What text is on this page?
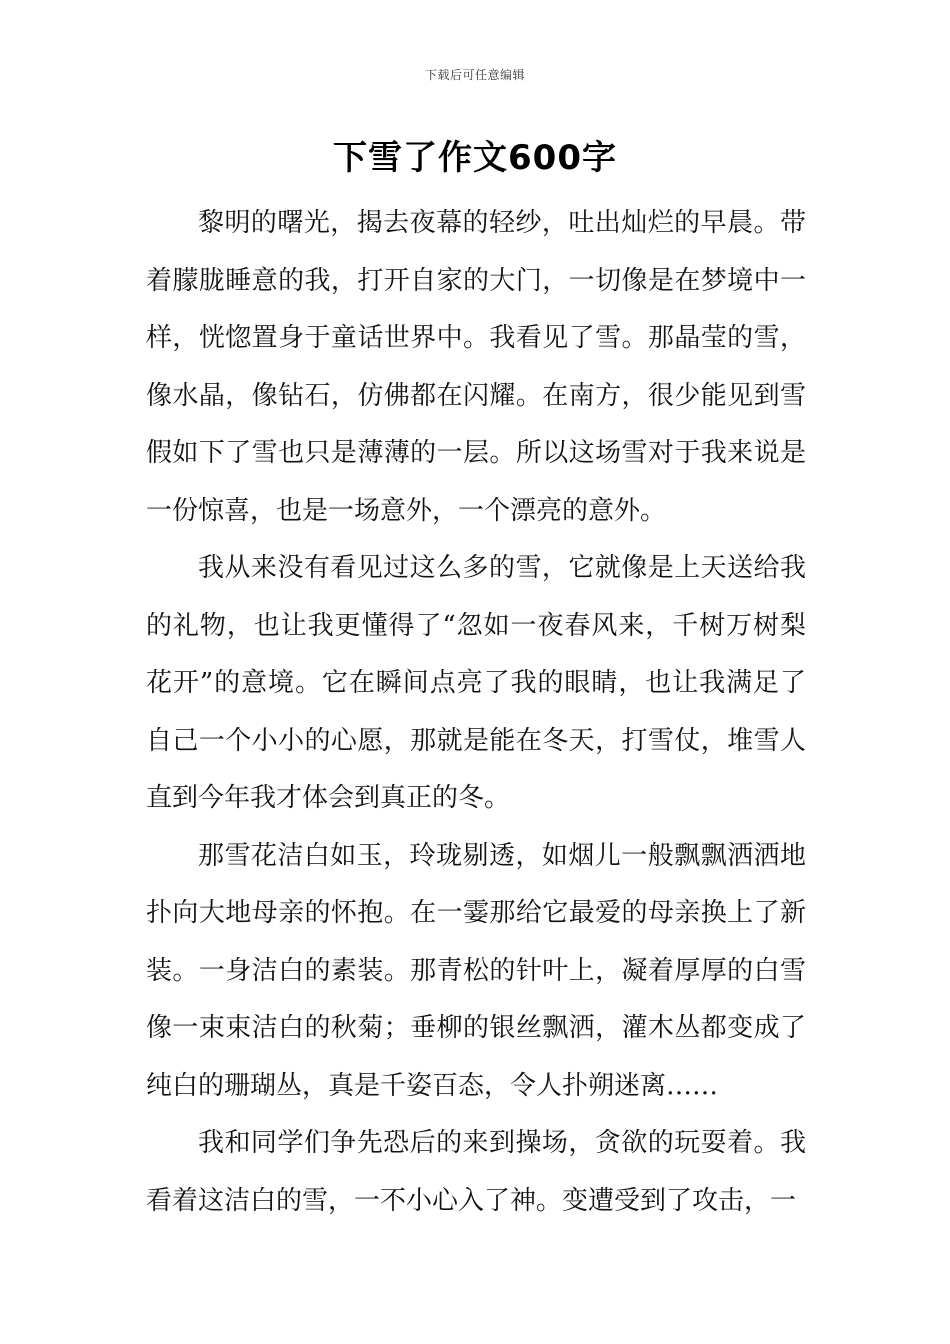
下载后可任意编辑
下雪了作文600字

黎明的曙光，揭去夜幕的轻纱，吐出灿烂的早晨。带着朦胧睡意的我，打开自家的大门，一切像是在梦境中一样，恍惚置身于童话世界中。我看见了雪。那晶莹的雪，像水晶，像钻石，仿佛都在闪耀。在南方，很少能见到雪假如下了雪也只是薄薄的一层。所以这场雪对于我来说是一份惊喜，也是一场意外，一个漂亮的意外。

我从来没有看见过这么多的雪，它就像是上天送给我的礼物，也让我更懂得了“忽如一夜春风来，千树万树梨花开”的意境。它在瞬间点亮了我的眼睛，也让我满足了自己一个小小的心愿，那就是能在冬天，打雪仗，堆雪人直到今年我才体会到真正的冬。

那雪花洁白如玉，玲珑剔透，如烟儿一般飘飘洒洒地扑向大地母亲的怀抱。在一霎那给它最爱的母亲换上了新装。一身洁白的素装。那青松的针叶上，凝着厚厚的白雪像一束束洁白的秋菊；垂柳的银丝飘洒，灌木丛都变成了纯白的珊瑚丛，真是千姿百态，令人扑朔迷离……

我和同学们争先恐后的来到操场，贪欲的玩耍着。我看着这洁白的雪，一不小心入了神。变遭受到了攻击，一
